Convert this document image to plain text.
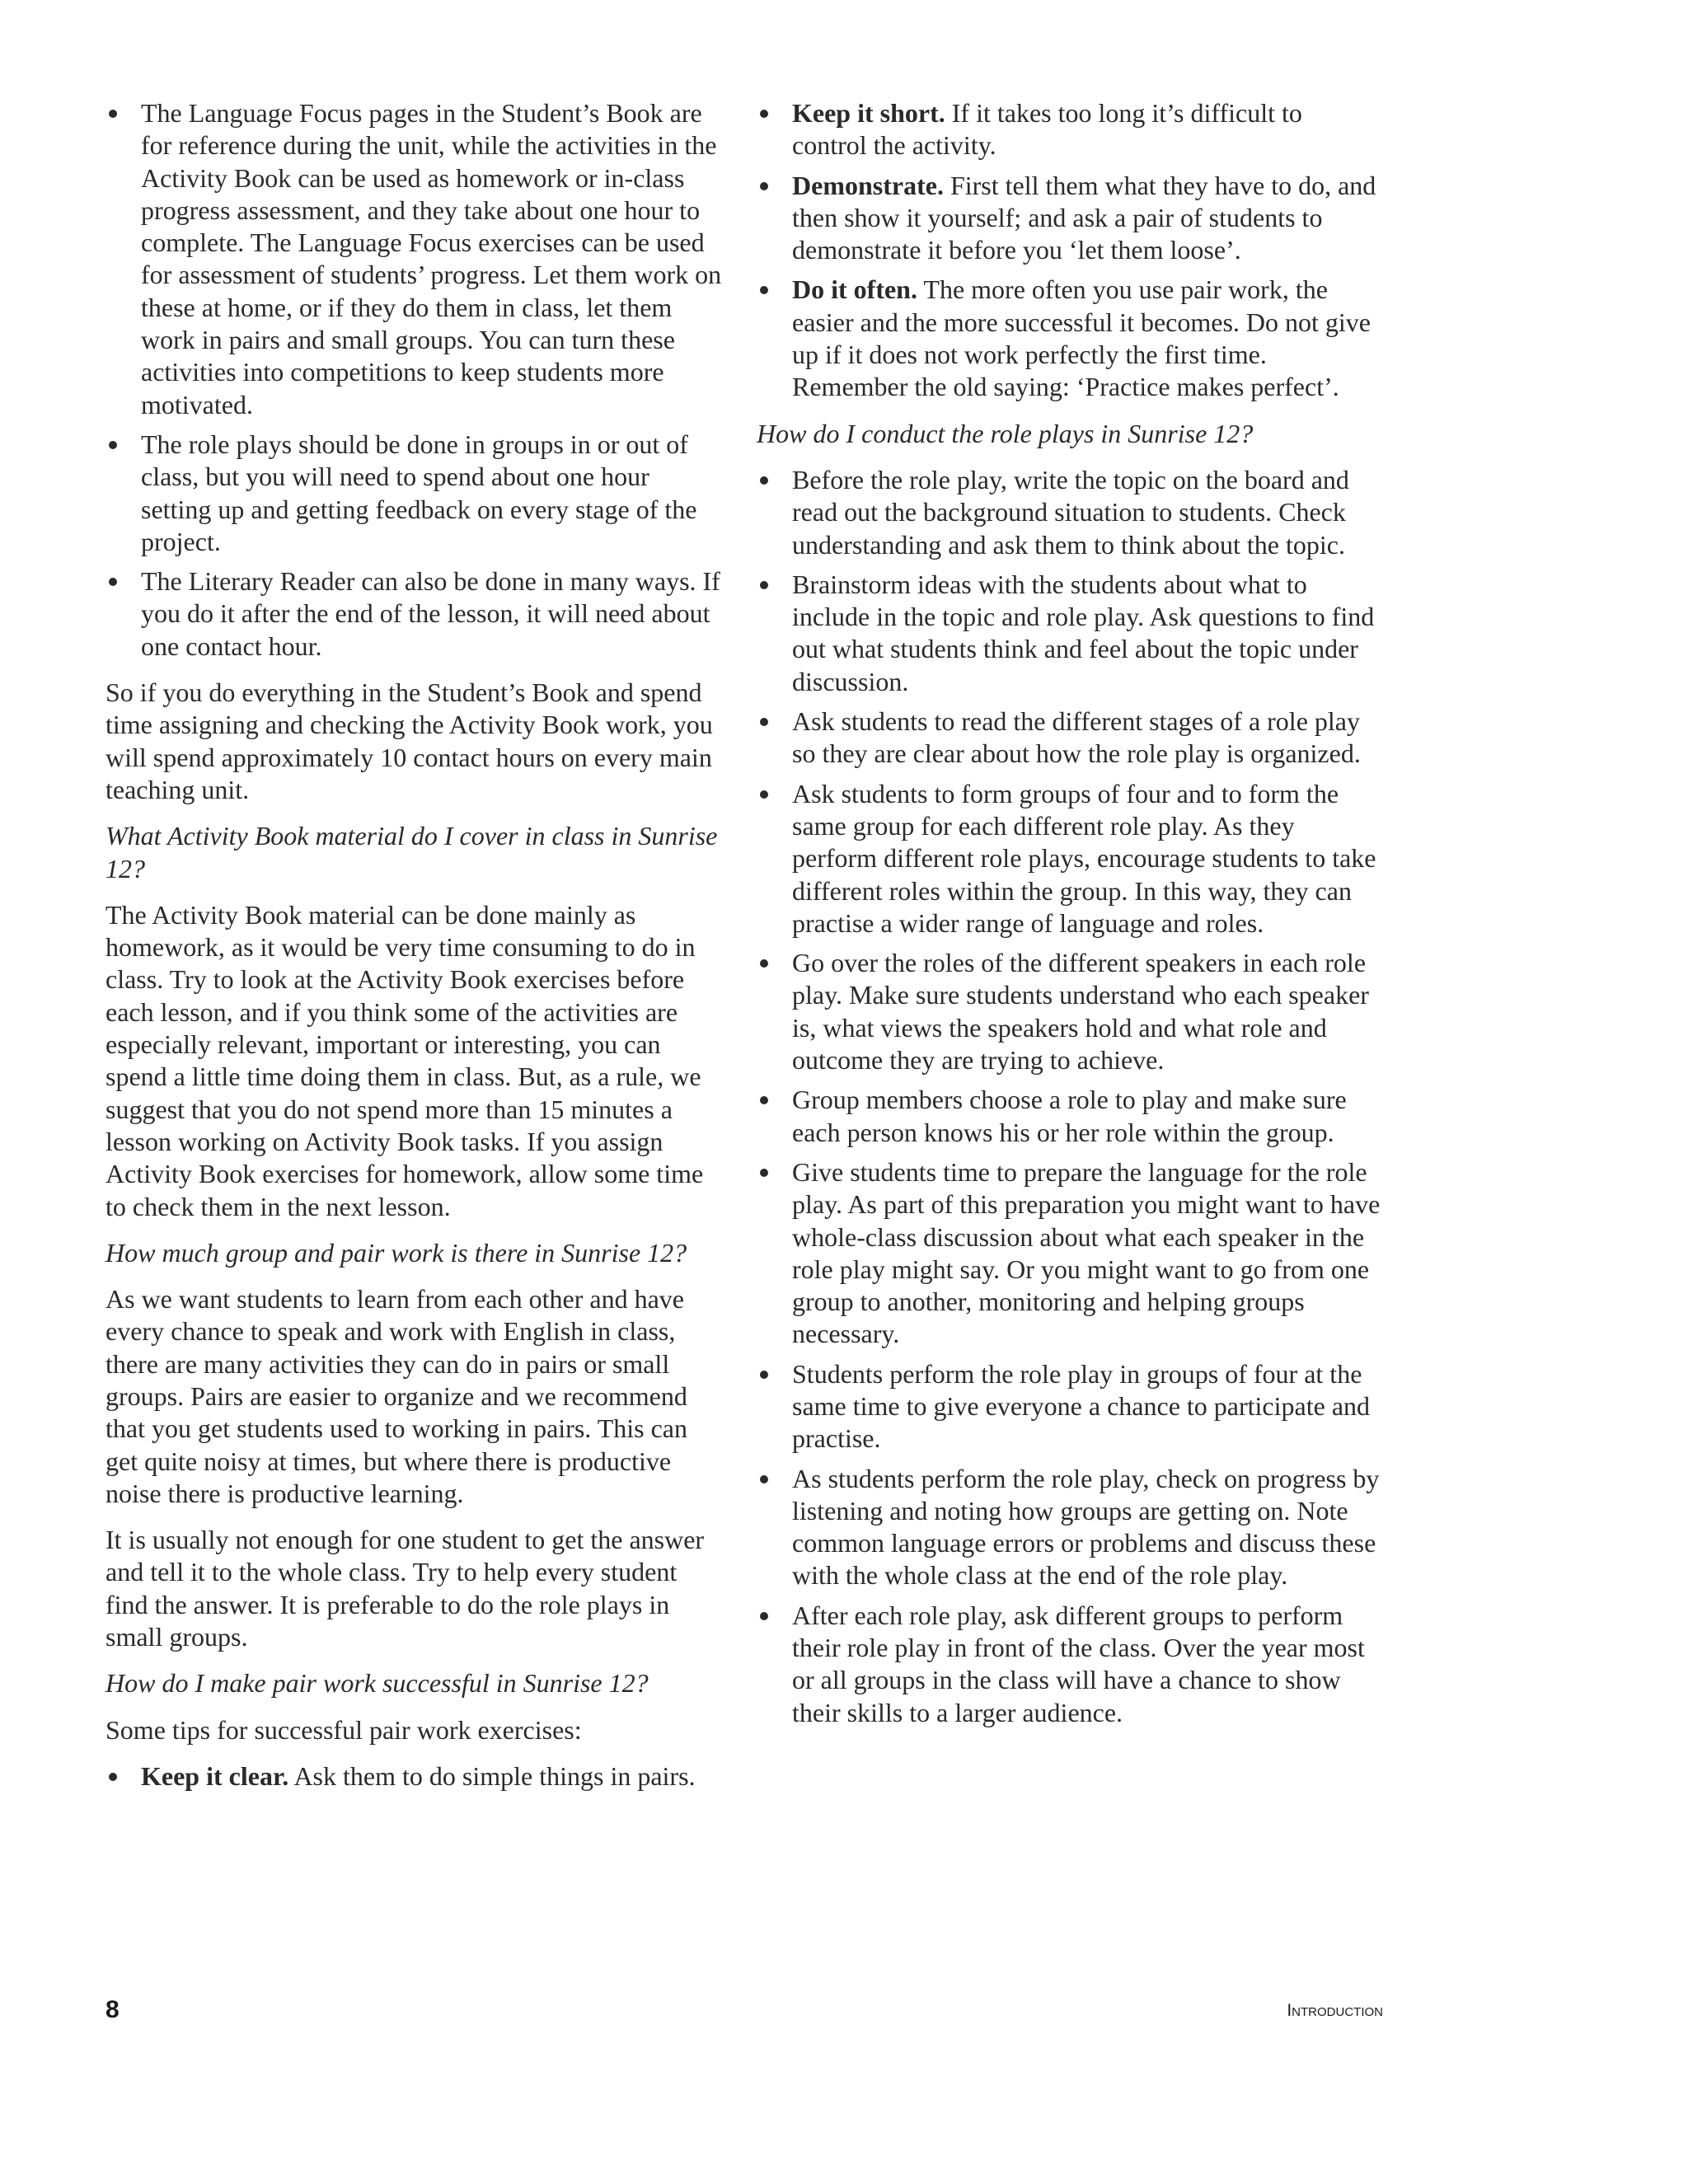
The Language Focus pages in the Student’s Book are for reference during the unit, while the activities in the Activity Book can be used as homework or in-class progress assessment, and they take about one hour to complete. The Language Focus exercises can be used for assessment of students’ progress. Let them work on these at home, or if they do them in class, let them work in pairs and small groups. You can turn these activities into competitions to keep students more motivated.
The role plays should be done in groups in or out of class, but you will need to spend about one hour setting up and getting feedback on every stage of the project.
The Literary Reader can also be done in many ways. If you do it after the end of the lesson, it will need about one contact hour.

So if you do everything in the Student’s Book and spend time assigning and checking the Activity Book work, you will spend approximately 10 contact hours on every main teaching unit.

What Activity Book material do I cover in class in Sunrise 12?

The Activity Book material can be done mainly as homework, as it would be very time consuming to do in class. Try to look at the Activity Book exercises before each lesson, and if you think some of the activities are especially relevant, important or interesting, you can spend a little time doing them in class. But, as a rule, we suggest that you do not spend more than 15 minutes a lesson working on Activity Book tasks. If you assign Activity Book exercises for homework, allow some time to check them in the next lesson.

How much group and pair work is there in Sunrise 12?

As we want students to learn from each other and have every chance to speak and work with English in class, there are many activities they can do in pairs or small groups. Pairs are easier to organize and we recommend that you get students used to working in pairs. This can get quite noisy at times, but where there is productive noise there is productive learning.

It is usually not enough for one student to get the answer and tell it to the whole class. Try to help every student find the answer. It is preferable to do the role plays in small groups.

How do I make pair work successful in Sunrise 12?

Some tips for successful pair work exercises:

Keep it clear. Ask them to do simple things in pairs.
Keep it short. If it takes too long it’s difficult to control the activity.
Demonstrate. First tell them what they have to do, and then show it yourself; and ask a pair of students to demonstrate it before you ‘let them loose’.
Do it often. The more often you use pair work, the easier and the more successful it becomes. Do not give up if it does not work perfectly the first time. Remember the old saying: ‘Practice makes perfect’.

How do I conduct the role plays in Sunrise 12?

Before the role play, write the topic on the board and read out the background situation to students. Check understanding and ask them to think about the topic.
Brainstorm ideas with the students about what to include in the topic and role play. Ask questions to find out what students think and feel about the topic under discussion.
Ask students to read the different stages of a role play so they are clear about how the role play is organized.
Ask students to form groups of four and to form the same group for each different role play. As they perform different role plays, encourage students to take different roles within the group. In this way, they can practise a wider range of language and roles.
Go over the roles of the different speakers in each role play. Make sure students understand who each speaker is, what views the speakers hold and what role and outcome they are trying to achieve.
Group members choose a role to play and make sure each person knows his or her role within the group.
Give students time to prepare the language for the role play. As part of this preparation you might want to have whole-class discussion about what each speaker in the role play might say. Or you might want to go from one group to another, monitoring and helping groups necessary.
Students perform the role play in groups of four at the same time to give everyone a chance to participate and practise.
As students perform the role play, check on progress by listening and noting how groups are getting on. Note common language errors or problems and discuss these with the whole class at the end of the role play.
After each role play, ask different groups to perform their role play in front of the class. Over the year most or all groups in the class will have a chance to show their skills to a larger audience.
8	Introduction
